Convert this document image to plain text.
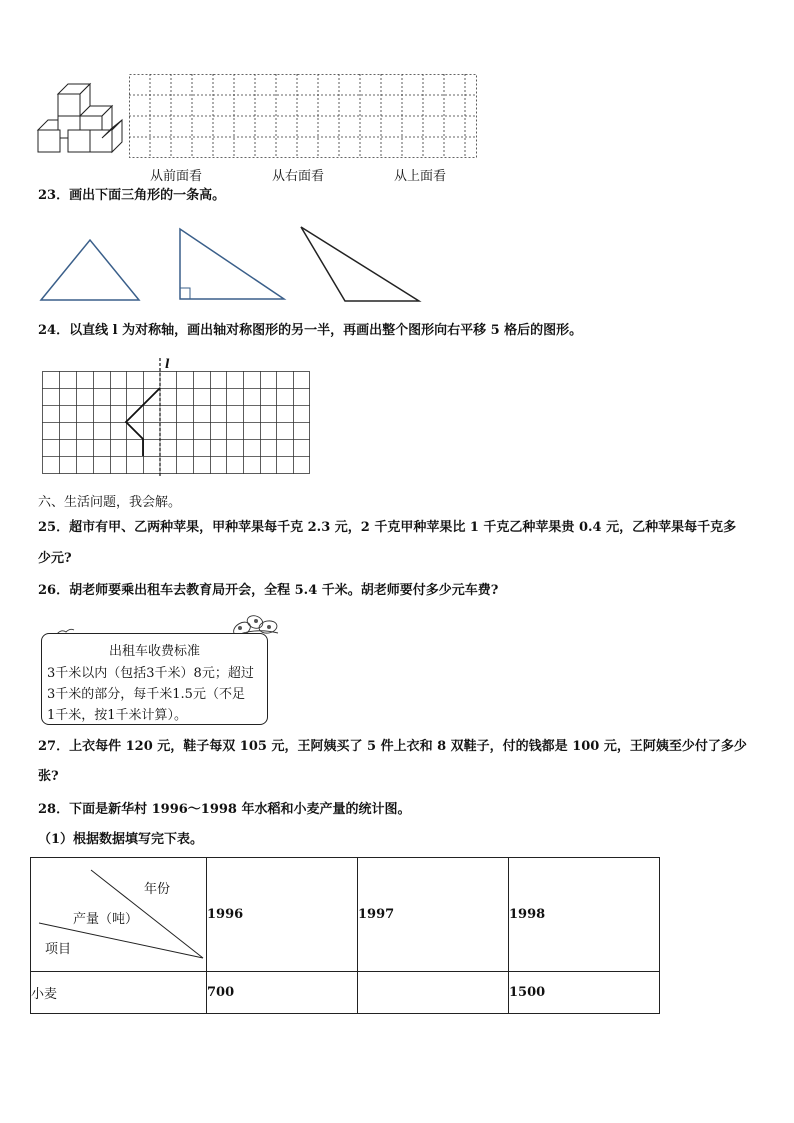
从前面看	从右面看	从上面看
23．画出下面三角形的一条高。
24．以直线 l 为对称轴，画出轴对称图形的另一半，再画出整个图形向右平移 5 格后的图形。
l
六、生活问题，我会解。
25．超市有甲、乙两种苹果，甲种苹果每千克 2.3 元，2 千克甲种苹果比 1 千克乙种苹果贵 0.4 元，乙种苹果每千克多
少元?
26．胡老师要乘出租车去教育局开会，全程 5.4 千米。胡老师要付多少元车费?
出租车收费标准
3千米以内（包括3千米）8元；超过
3千米的部分，每千米1.5元（不足
1千米，按1千米计算）。
27．上衣每件 120 元，鞋子每双 105 元，王阿姨买了 5 件上衣和 8 双鞋子，付的钱都是 100 元，王阿姨至少付了多少
张?
28．下面是新华村 1996～1998 年水稻和小麦产量的统计图。
（1）根据数据填写完下表。
年份
产量（吨）
项目	1996	1997	1998
小麦	700		1500
